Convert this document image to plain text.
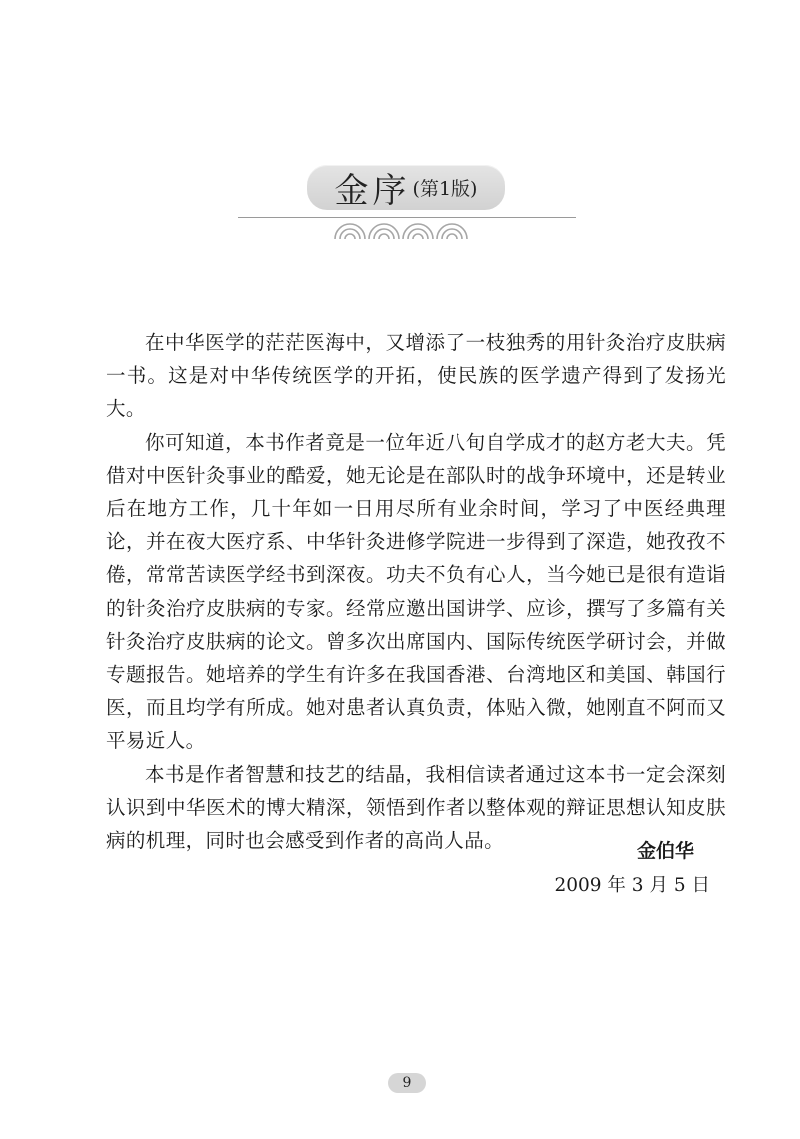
金序 (第1版)

在中华医学的茫茫医海中，又增添了一枝独秀的用针灸治疗皮肤病一书。这是对中华传统医学的开拓，使民族的医学遗产得到了发扬光大。

你可知道，本书作者竟是一位年近八旬自学成才的赵方老大夫。凭借对中医针灸事业的酷爱，她无论是在部队时的战争环境中，还是转业后在地方工作，几十年如一日用尽所有业余时间，学习了中医经典理论，并在夜大医疗系、中华针灸进修学院进一步得到了深造，她孜孜不倦，常常苦读医学经书到深夜。功夫不负有心人，当今她已是很有造诣的针灸治疗皮肤病的专家。经常应邀出国讲学、应诊，撰写了多篇有关针灸治疗皮肤病的论文。曾多次出席国内、国际传统医学研讨会，并做专题报告。她培养的学生有许多在我国香港、台湾地区和美国、韩国行医，而且均学有所成。她对患者认真负责，体贴入微，她刚直不阿而又平易近人。

本书是作者智慧和技艺的结晶，我相信读者通过这本书一定会深刻认识到中华医术的博大精深，领悟到作者以整体观的辩证思想认知皮肤病的机理，同时也会感受到作者的高尚人品。	金伯华
2009 年 3 月 5 日
9
